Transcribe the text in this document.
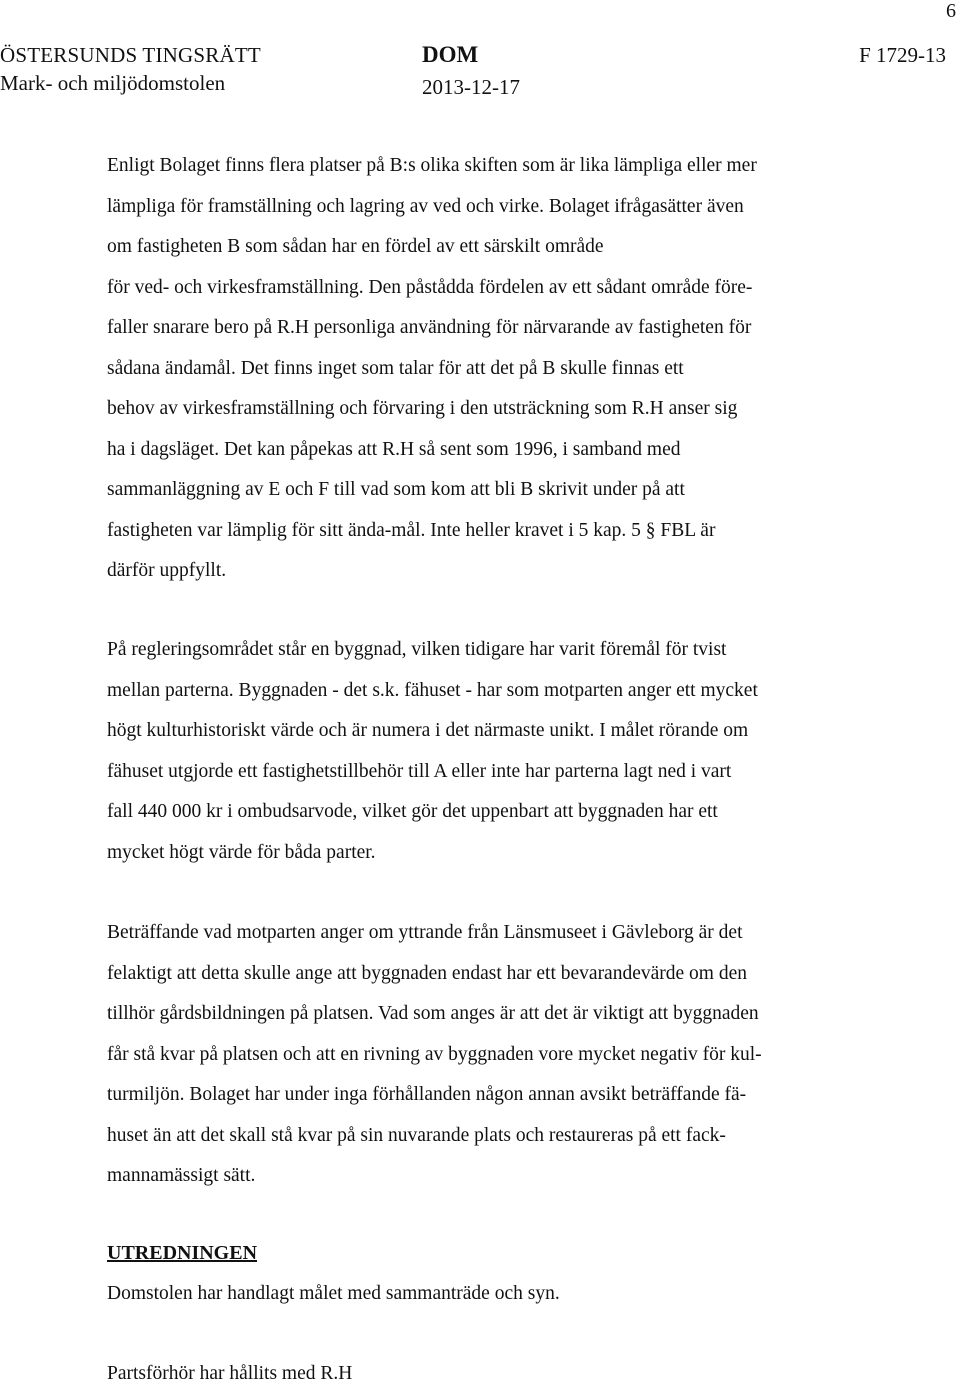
6
ÖSTERSUNDS TINGSRÄTT
Mark- och miljödomstolen
DOM
2013-12-17
F 1729-13

Enligt Bolaget finns flera platser på B:s olika skiften som är lika lämpliga eller mer
lämpliga för framställning och lagring av ved och virke. Bolaget ifrågasätter även
om fastigheten B som sådan har en fördel av ett särskilt område
för ved- och virkesframställning. Den påstådda fördelen av ett sådant område före-
faller snarare bero på R.H personliga användning för närvarande av fastigheten för
sådana ändamål. Det finns inget som talar för att det på B skulle finnas ett
behov av virkesframställning och förvaring i den utsträckning som R.H anser sig
ha i dagsläget. Det kan påpekas att R.H så sent som 1996, i samband med
sammanläggning av E och F till vad som kom att bli B skrivit under på att
fastigheten var lämplig för sitt ända-mål. Inte heller kravet i 5 kap. 5 § FBL är
därför uppfyllt.

På regleringsområdet står en byggnad, vilken tidigare har varit föremål för tvist
mellan parterna. Byggnaden - det s.k. fähuset - har som motparten anger ett mycket
högt kulturhistoriskt värde och är numera i det närmaste unikt. I målet rörande om
fähuset utgjorde ett fastighetstillbehör till A eller inte har parterna lagt ned i vart
fall 440 000 kr i ombudsarvode, vilket gör det uppenbart att byggnaden har ett
mycket högt värde för båda parter.

Beträffande vad motparten anger om yttrande från Länsmuseet i Gävleborg är det
felaktigt att detta skulle ange att byggnaden endast har ett bevarandevärde om den
tillhör gårdsbildningen på platsen. Vad som anges är att det är viktigt att byggnaden
får stå kvar på platsen och att en rivning av byggnaden vore mycket negativ för kul-
turmiljön. Bolaget har under inga förhållanden någon annan avsikt beträffande fä-
huset än att det skall stå kvar på sin nuvarande plats och restaureras på ett fack-
mannamässigt sätt.

UTREDNINGEN
Domstolen har handlagt målet med sammanträde och syn.
Partsförhör har hållits med R.H
